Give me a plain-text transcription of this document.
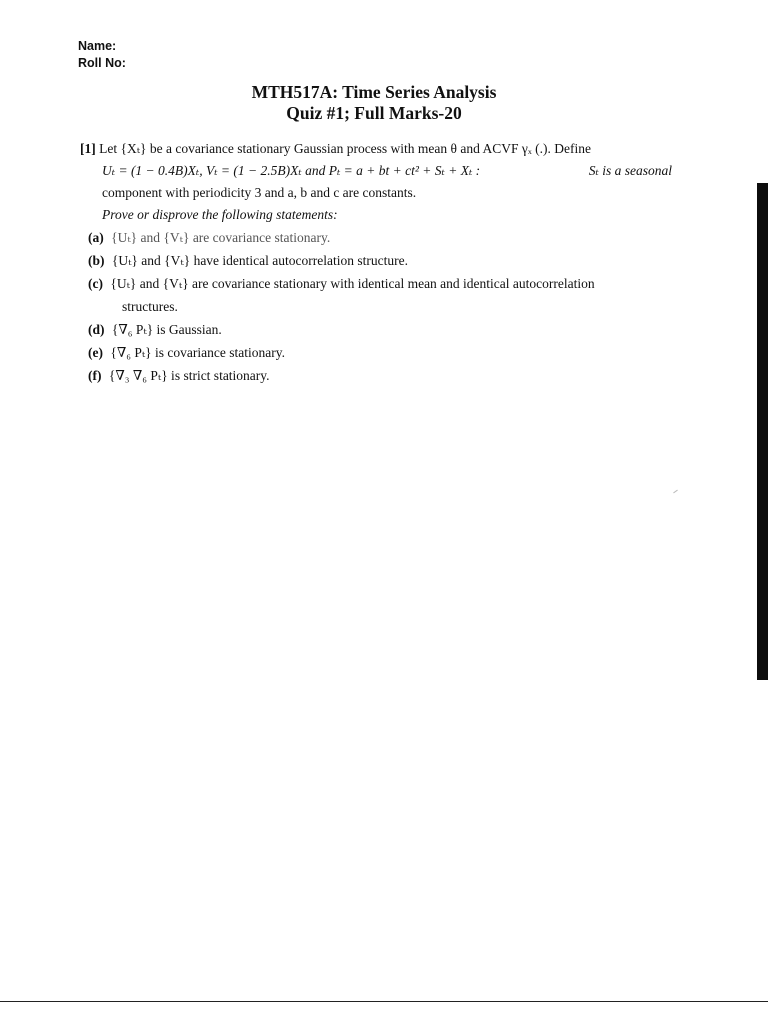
Name:
Roll No:
MTH517A: Time Series Analysis
Quiz #1; Full Marks-20
[1] Let {Xₜ} be a covariance stationary Gaussian process with mean θ and ACVF γₓ (.). Define
Uₜ = (1 − 0.4B)Xₜ, Vₜ = (1 − 2.5B)Xₜ and Pₜ = a + bt + ct² + Sₜ + Xₜ :	Sₜ is a seasonal
component with periodicity 3 and a, b and c are constants.
Prove or disprove the following statements:
(a) {Uₜ} and {Vₜ} are covariance stationary.
(b) {Uₜ} and {Vₜ} have identical autocorrelation structure.
(c) {Uₜ} and {Vₜ} are covariance stationary with identical mean and identical autocorrelation
structures.
(d) {∇₆ Pₜ} is Gaussian.
(e) {∇₆ Pₜ} is covariance stationary.
(f) {∇₃ ∇₆ Pₜ} is strict stationary.
